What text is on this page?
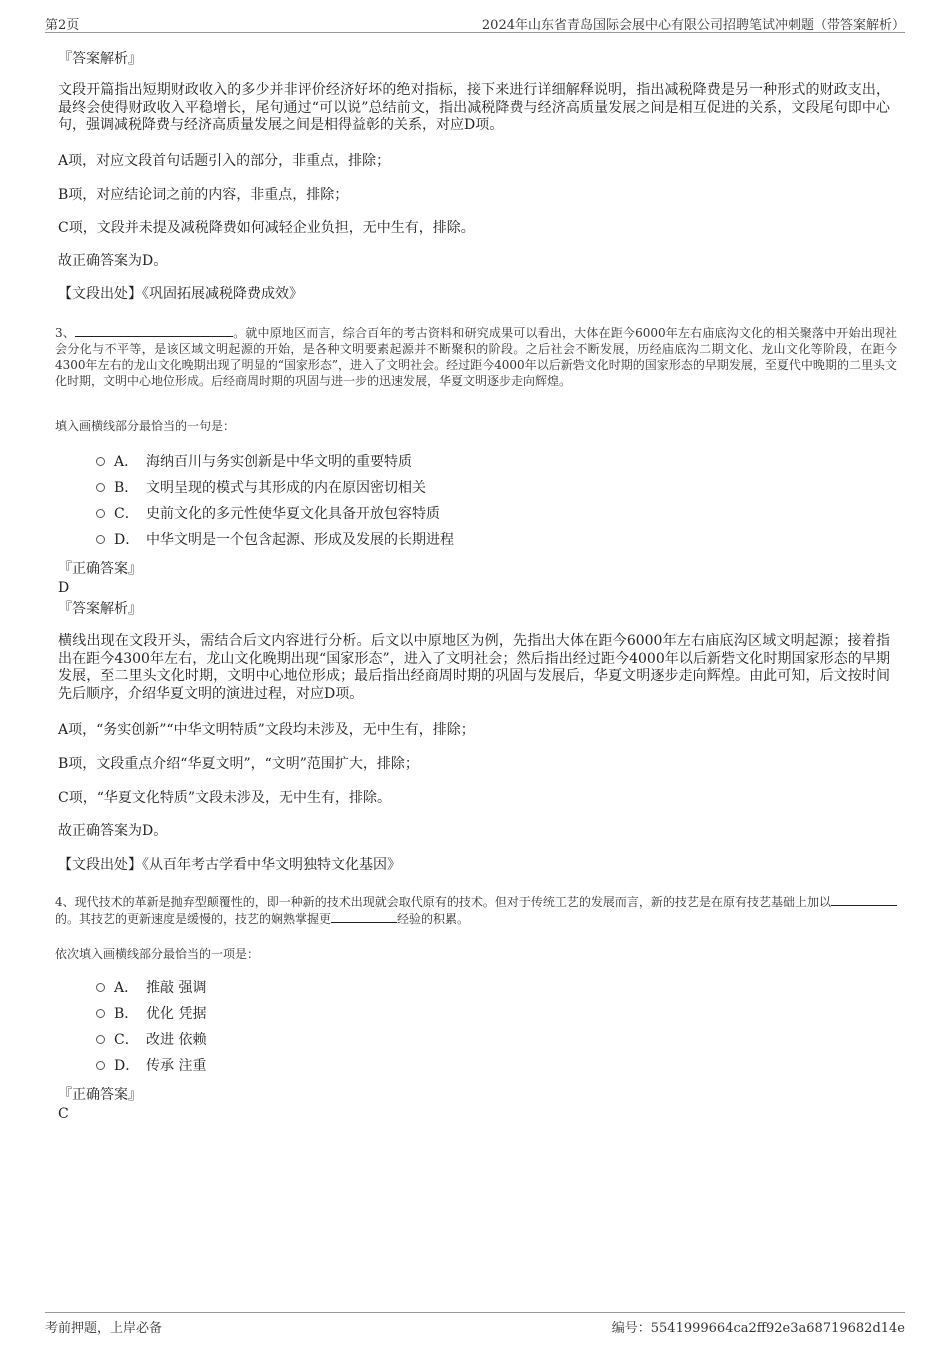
第2页	2024年山东省青岛国际会展中心有限公司招聘笔试冲刺题（带答案解析）
『答案解析』
文段开篇指出短期财政收入的多少并非评价经济好坏的绝对指标，接下来进行详细解释说明，指出减税降费是另一种形式的财政支出，最终会使得财政收入平稳增长，尾句通过“可以说”总结前文，指出减税降费与经济高质量发展之间是相互促进的关系，文段尾句即中心句，强调减税降费与经济高质量发展之间是相得益彰的关系，对应D项。
A项，对应文段首句话题引入的部分，非重点，排除；
B项，对应结论词之前的内容，非重点，排除；
C项，文段并未提及减税降费如何减轻企业负担，无中生有，排除。
故正确答案为D。
【文段出处】《巩固拓展减税降费成效》
3、	。就中原地区而言，综合百年的考古资料和研究成果可以看出，大体在距今6000年左右庙底沟文化的相关聚落中开始出现社会分化与不平等，是该区域文明起源的开始，是各种文明要素起源并不断聚积的阶段。之后社会不断发展，历经庙底沟二期文化、龙山文化等阶段，在距今4300年左右的龙山文化晚期出现了明显的“国家形态”，进入了文明社会。经过距今4000年以后新砦文化时期的国家形态的早期发展，至夏代中晚期的二里头文化时期，文明中心地位形成。后经商周时期的巩固与进一步的迅速发展，华夏文明逐步走向辉煌。
填入画横线部分最恰当的一句是：
A． 海纳百川与务实创新是中华文明的重要特质
B． 文明呈现的模式与其形成的内在原因密切相关
C． 史前文化的多元性使华夏文化具备开放包容特质
D． 中华文明是一个包含起源、形成及发展的长期进程
『正确答案』
D
『答案解析』
横线出现在文段开头，需结合后文内容进行分析。后文以中原地区为例，先指出大体在距今6000年左右庙底沟区域文明起源；接着指出在距今4300年左右，龙山文化晚期出现“国家形态”，进入了文明社会；然后指出经过距今4000年以后新砦文化时期国家形态的早期发展，至二里头文化时期，文明中心地位形成；最后指出经商周时期的巩固与发展后，华夏文明逐步走向辉煌。由此可知，后文按时间先后顺序，介绍华夏文明的演进过程，对应D项。
A项，“务实创新”“中华文明特质”文段均未涉及，无中生有，排除；
B项，文段重点介绍“华夏文明”，“文明”范围扩大，排除；
C项，“华夏文化特质”文段未涉及，无中生有，排除。
故正确答案为D。
【文段出处】《从百年考古学看中华文明独特文化基因》
4、现代技术的革新是抛弃型颠覆性的，即一种新的技术出现就会取代原有的技术。但对于传统工艺的发展而言，新的技艺是在原有技艺基础上加以的。其技艺的更新速度是缓慢的，技艺的娴熟掌握更	经验的积累。
依次填入画横线部分最恰当的一项是：
A． 推敲 强调
B． 优化 凭据
C． 改进 依赖
D． 传承 注重
『正确答案』
C
考前押题，上岸必备	编号：5541999664ca2ff92e3a68719682d14e
